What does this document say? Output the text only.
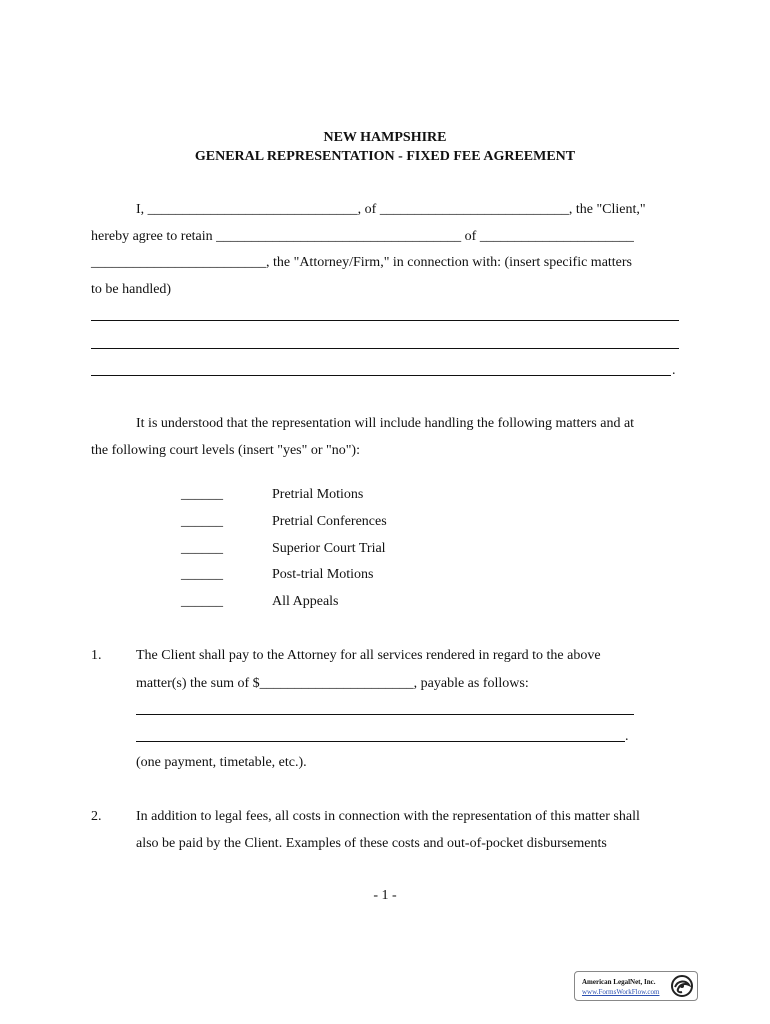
NEW HAMPSHIRE
GENERAL REPRESENTATION - FIXED FEE AGREEMENT
I, ______________________________, of ___________________________, the "Client,"
hereby agree to retain ___________________________________ of ______________________
_________________________, the "Attorney/Firm," in connection with: (insert specific matters
to be handled)
.
It is understood that the representation will include handling the following matters and at
the following court levels (insert "yes" or "no"):
______	Pretrial Motions
______	Pretrial Conferences
______	Superior Court Trial
______	Post-trial Motions
______	All Appeals
1. The Client shall pay to the Attorney for all services rendered in regard to the above
matter(s) the sum of $______________________, payable as follows:
.
(one payment, timetable, etc.).
2. In addition to legal fees, all costs in connection with the representation of this matter shall
also be paid by the Client. Examples of these costs and out-of-pocket disbursements
- 1 -
American LegalNet, Inc.
www.FormsWorkFlow.com
